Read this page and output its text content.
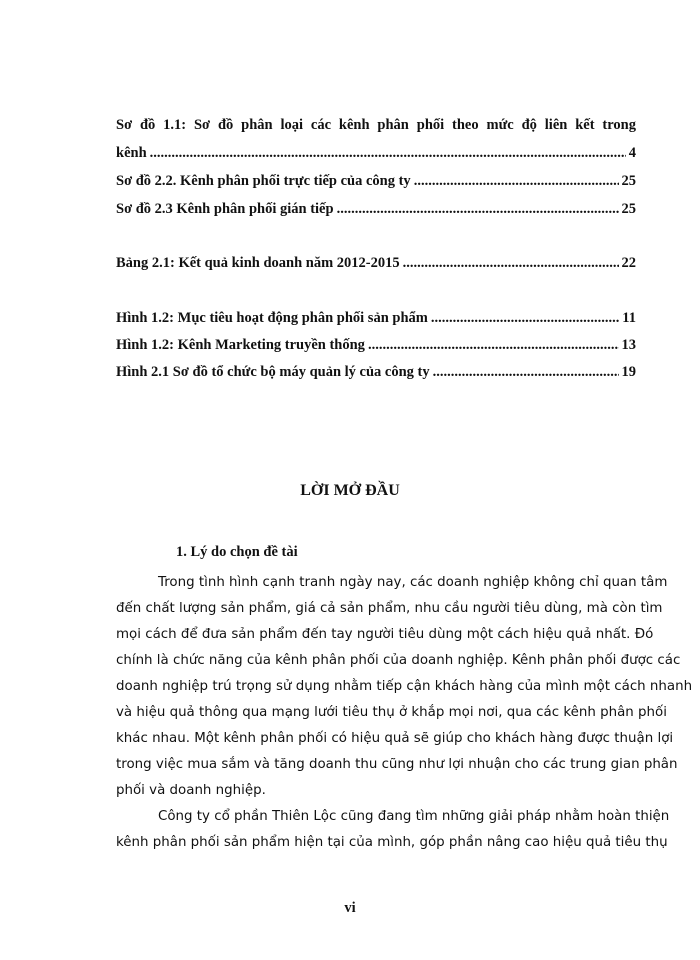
Sơ đồ 1.1: Sơ đồ phân loại các kênh phân phối theo mức độ liên kết trong
kênh .....	4
Sơ đồ 2.2. Kênh phân phối trực tiếp của công ty .....	25
Sơ đồ 2.3 Kênh phân phối gián tiếp .....	25
Bảng 2.1: Kết quả kinh doanh năm 2012-2015 .....	22
Hình 1.2: Mục tiêu hoạt động phân phối sản phẩm .....	11
Hình 1.2: Kênh Marketing truyền thống .....	13
Hình 2.1 Sơ đồ tổ chức bộ máy quản lý của công ty .....	19
LỜI MỞ ĐẦU
1. Lý do chọn đề tài
Trong tình hình cạnh tranh ngày nay, các doanh nghiệp không chỉ quan tâm
đến chất lượng sản phẩm, giá cả sản phẩm, nhu cầu người tiêu dùng, mà còn tìm
mọi cách để đưa sản phẩm đến tay người tiêu dùng một cách hiệu quả nhất. Đó
chính là chức năng của kênh phân phối của doanh nghiệp. Kênh phân phối được các
doanh nghiệp trú trọng sử dụng nhằm tiếp cận khách hàng của mình một cách nhanh
và hiệu quả thông qua mạng lưới tiêu thụ ở khắp mọi nơi, qua các kênh phân phối
khác nhau. Một kênh phân phối có hiệu quả sẽ giúp cho khách hàng được thuận lợi
trong việc mua sắm và tăng doanh thu cũng như lợi nhuận cho các trung gian phân
phối và doanh nghiệp.
Công ty cổ phần Thiên Lộc cũng đang tìm những giải pháp nhằm hoàn thiện
kênh phân phối sản phẩm hiện tại của mình, góp phần nâng cao hiệu quả tiêu thụ
vi
